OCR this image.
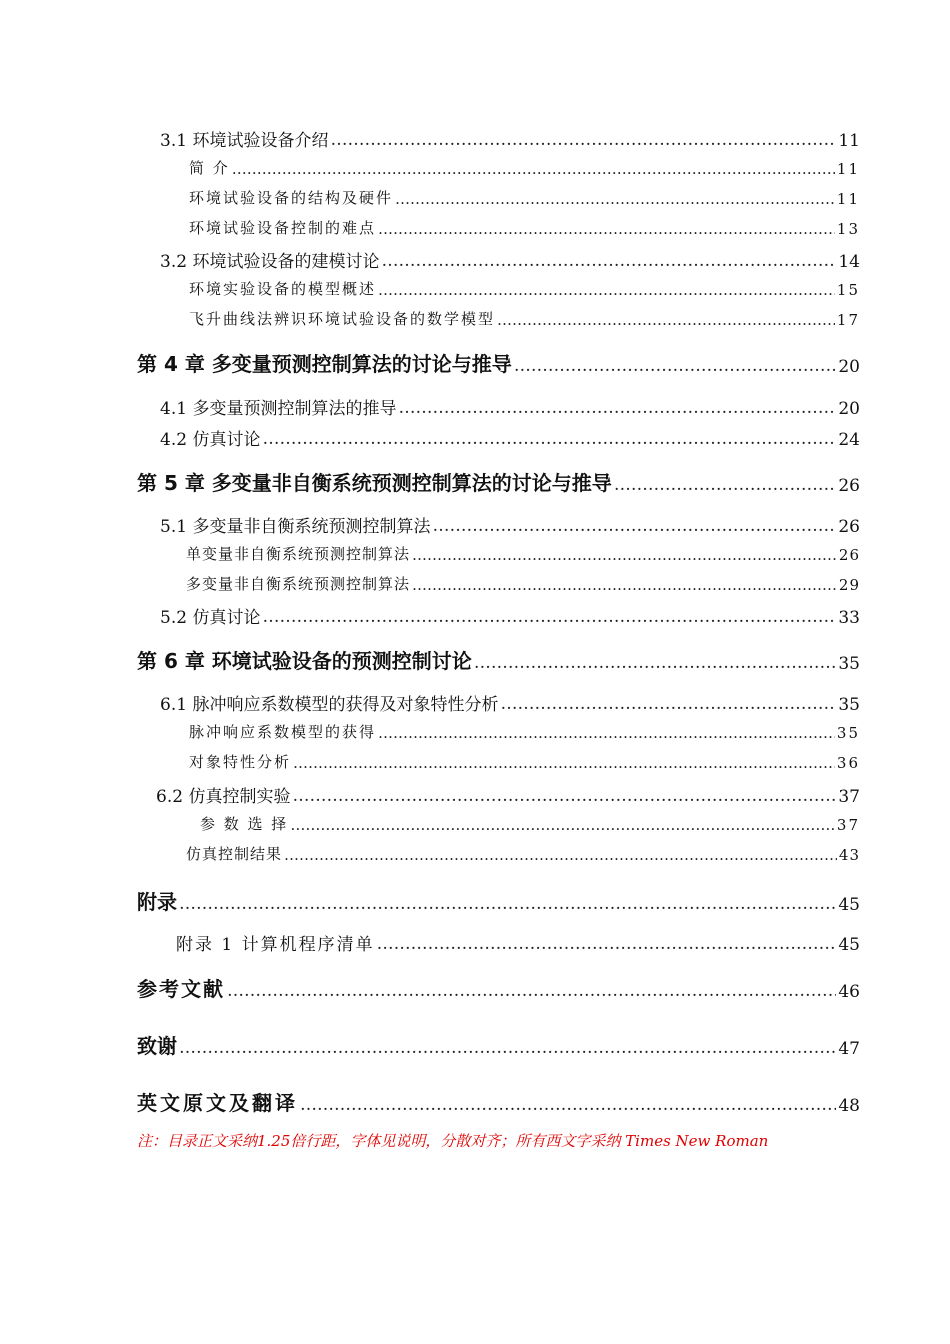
3.1 环境试验设备介绍 ……………………………………………………………………………………………………………………………………………………………………………………………………………………………………………………………………………	11
简 介 ……………………………………………………………………………………………………………………………………………………………………………………………………………………………………………………………………………	11
环境试验设备的结构及硬件 ……………………………………………………………………………………………………………………………………………………………………………………………………………………………………………………………………………	11
环境试验设备控制的难点 ……………………………………………………………………………………………………………………………………………………………………………………………………………………………………………………………………………	13
3.2 环境试验设备的建模讨论 ……………………………………………………………………………………………………………………………………………………………………………………………………………………………………………………………………………	14
环境实验设备的模型概述 ……………………………………………………………………………………………………………………………………………………………………………………………………………………………………………………………………………	15
飞升曲线法辨识环境试验设备的数学模型 ……………………………………………………………………………………………………………………………………………………………………………………………………………………………………………………………………………	17
第 4 章 多变量预测控制算法的讨论与推导 ……………………………………………………………………………………………………………………………………………………………………………………………………………………………………………………………………………	20
4.1 多变量预测控制算法的推导 ……………………………………………………………………………………………………………………………………………………………………………………………………………………………………………………………………………	20
4.2 仿真讨论 ……………………………………………………………………………………………………………………………………………………………………………………………………………………………………………………………………………	24
第 5 章 多变量非自衡系统预测控制算法的讨论与推导 ……………………………………………………………………………………………………………………………………………………………………………………………………………………………………………………………………………	26
5.1 多变量非自衡系统预测控制算法 ……………………………………………………………………………………………………………………………………………………………………………………………………………………………………………………………………………	26
单变量非自衡系统预测控制算法 ……………………………………………………………………………………………………………………………………………………………………………………………………………………………………………………………………………	26
多变量非自衡系统预测控制算法 ……………………………………………………………………………………………………………………………………………………………………………………………………………………………………………………………………………	29
5.2 仿真讨论 ……………………………………………………………………………………………………………………………………………………………………………………………………………………………………………………………………………	33
第 6 章 环境试验设备的预测控制讨论 ……………………………………………………………………………………………………………………………………………………………………………………………………………………………………………………………………………	35
6.1 脉冲响应系数模型的获得及对象特性分析 ……………………………………………………………………………………………………………………………………………………………………………………………………………………………………………………………………………	35
脉冲响应系数模型的获得 ……………………………………………………………………………………………………………………………………………………………………………………………………………………………………………………………………………	35
对象特性分析 ……………………………………………………………………………………………………………………………………………………………………………………………………………………………………………………………………………	36
6.2 仿真控制实验 ……………………………………………………………………………………………………………………………………………………………………………………………………………………………………………………………………………	37
参 数 选 择 ……………………………………………………………………………………………………………………………………………………………………………………………………………………………………………………………………………	37
仿真控制结果 ……………………………………………………………………………………………………………………………………………………………………………………………………………………………………………………………………………	43
附录 ……………………………………………………………………………………………………………………………………………………………………………………………………………………………………………………………………………	45
附录 1 计算机程序清单 ……………………………………………………………………………………………………………………………………………………………………………………………………………………………………………………………………………	45
参考文献 ……………………………………………………………………………………………………………………………………………………………………………………………………………………………………………………………………………	46
致谢 ……………………………………………………………………………………………………………………………………………………………………………………………………………………………………………………………………………	47
英文原文及翻译 ……………………………………………………………………………………………………………………………………………………………………………………………………………………………………………………………………………	48
注：目录正文采纳1.25倍行距，字体见说明，分散对齐；所有西文字采纳 Times New Roman
